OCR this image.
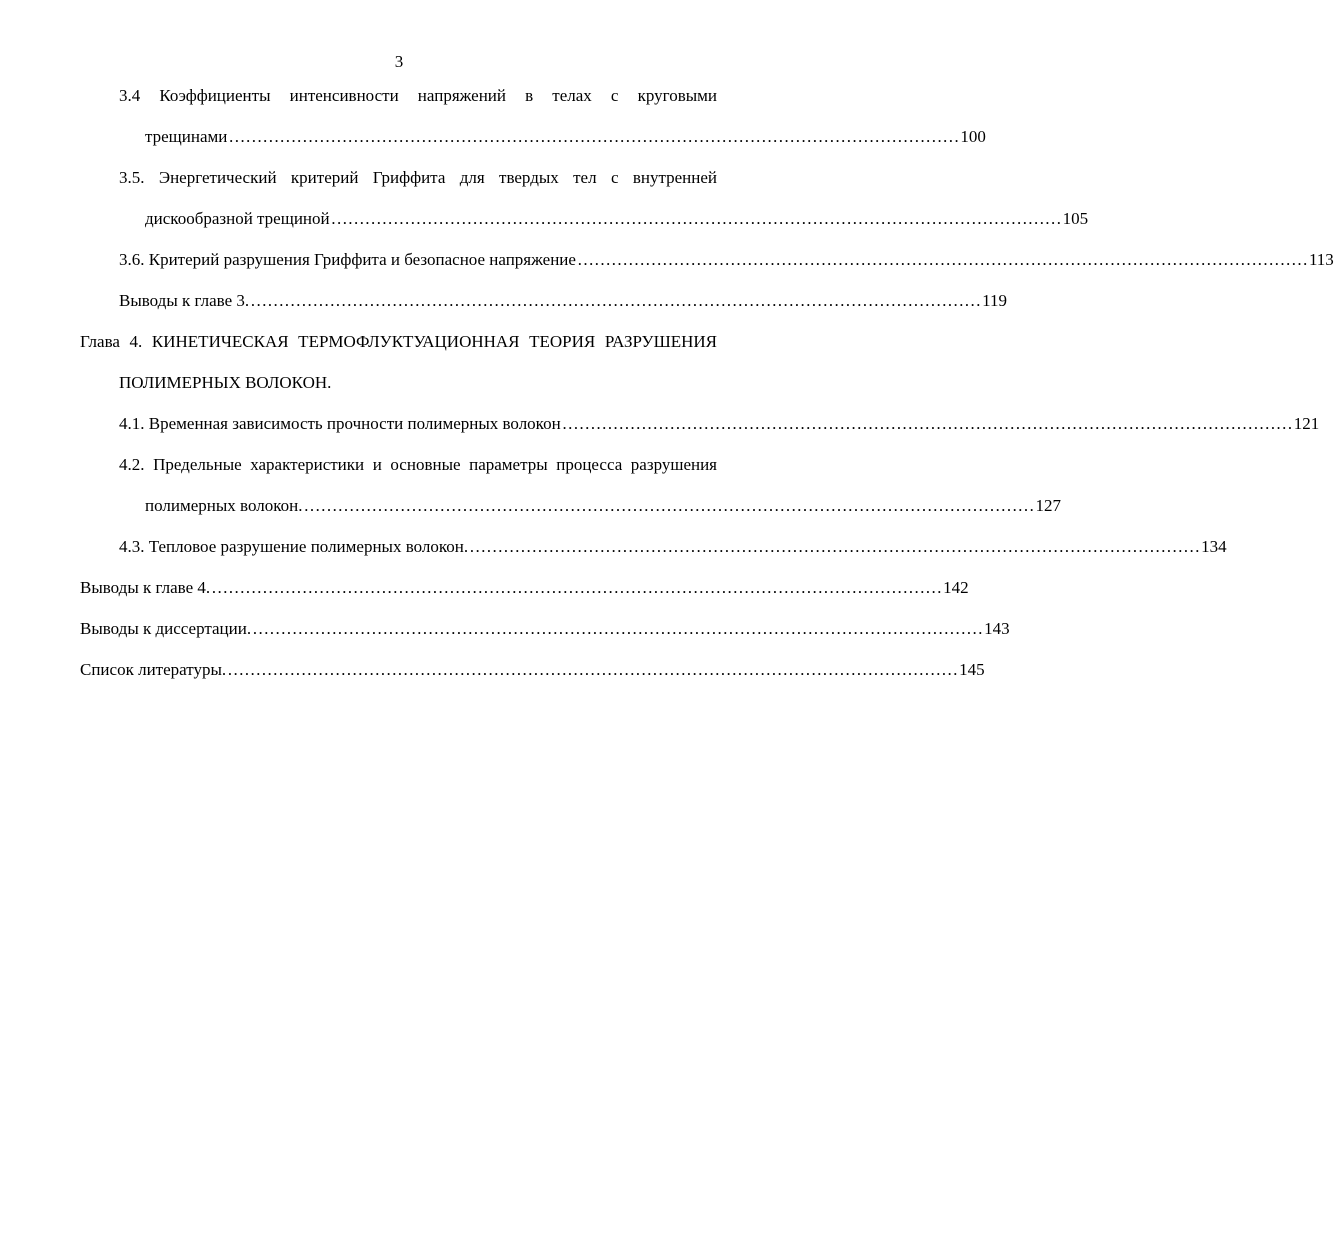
3
3.4 Коэффициенты интенсивности напряжений в телах с круговыми
трещинами ………………………………………………………………………………………………………………… 100
3.5. Энергетический критерий Гриффита для твердых тел с внутренней
дискообразной трещиной ………………………………………………………………………………………………………………… 105
3.6. Критерий разрушения Гриффита и безопасное напряжение ………………………………………………………………………………………………………………… 113
Выводы к главе 3. ………………………………………………………………………………………………………………… 119
Глава 4. КИНЕТИЧЕСКАЯ ТЕРМОФЛУКТУАЦИОННАЯ ТЕОРИЯ РАЗРУШЕНИЯ
ПОЛИМЕРНЫХ ВОЛОКОН.
4.1. Временная зависимость прочности полимерных волокон ………………………………………………………………………………………………………………… 121
4.2. Предельные характеристики и основные параметры процесса разрушения
полимерных волокон. ………………………………………………………………………………………………………………… 127
4.3. Тепловое разрушение полимерных волокон. ………………………………………………………………………………………………………………… 134
Выводы к главе 4. ………………………………………………………………………………………………………………… 142
Выводы к диссертации. ………………………………………………………………………………………………………………… 143
Список литературы. ………………………………………………………………………………………………………………… 145
